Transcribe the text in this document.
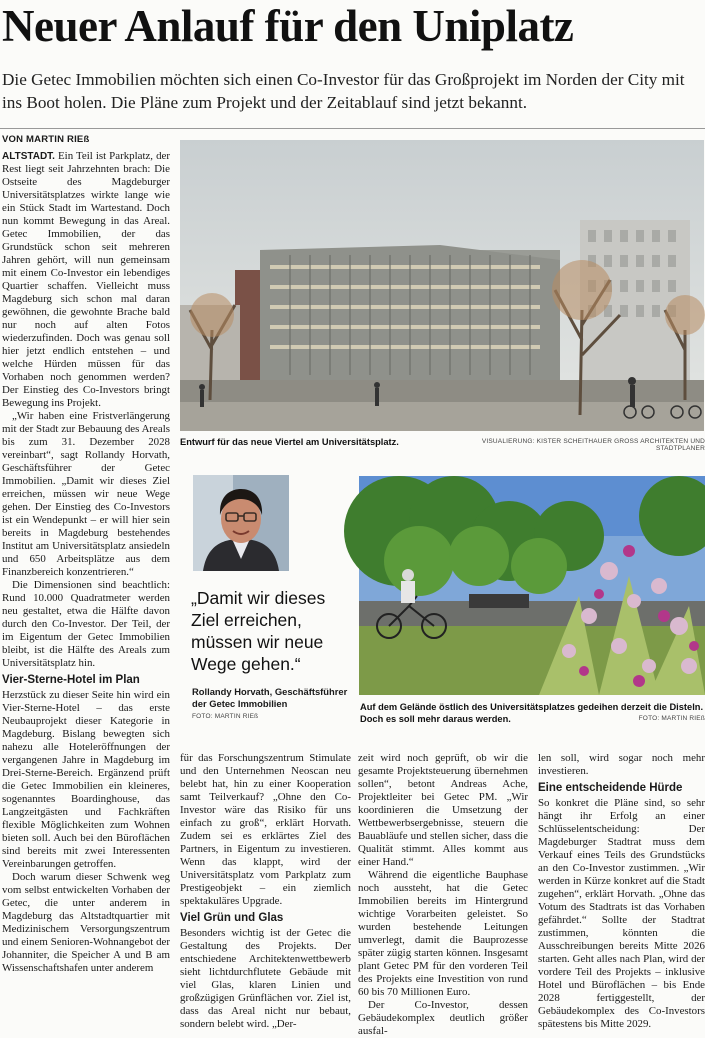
Neuer Anlauf für den Uniplatz
Die Getec Immobilien möchten sich einen Co-Investor für das Großprojekt im Norden der City mit ins Boot holen. Die Pläne zum Projekt und der Zeitablauf sind jetzt bekannt.
VON MARTIN RIEß

ALTSTADT. Ein Teil ist Parkplatz, der Rest liegt seit Jahrzehnten brach: Die Ostseite des Magdeburger Universitätsplatzes wirkte lange wie ein Stück Stadt im Wartestand. Doch nun kommt Bewegung in das Areal. Getec Immobilien, der das Grundstück schon seit mehreren Jahren gehört, will nun gemeinsam mit einem Co-Investor ein lebendiges Quartier schaffen. Vielleicht muss Magdeburg sich schon mal daran gewöhnen, die gewohnte Brache bald nur noch auf alten Fotos wiederzufinden. Doch was genau soll hier jetzt endlich entstehen – und welche Hürden müssen für das Vorhaben noch genommen werden? Der Einstieg des Co-Investors bringt Bewegung ins Projekt.

„Wir haben eine Fristverlängerung mit der Stadt zur Bebauung des Areals bis zum 31. Dezember 2028 vereinbart“, sagt Rollandy Horvath, Geschäftsführer der Getec Immobilien. „Damit wir dieses Ziel erreichen, müssen wir neue Wege gehen. Der Einstieg des Co-Investors ist ein Wendepunkt – er will hier sein bereits in Magdeburg bestehendes Institut am Universitätsplatz ansiedeln und 650 Arbeitsplätze aus dem Finanzbereich konzentrieren.“

Die Dimensionen sind beachtlich: Rund 10.000 Quadratmeter werden neu gestaltet, etwa die Hälfte davon durch den Co-Investor. Der Teil, der im Eigentum der Getec Immobilien bleibt, ist die Hälfte des Areals zum Universitätsplatz hin.

Vier-Sterne-Hotel im Plan

Herzstück zu dieser Seite hin wird ein Vier-Sterne-Hotel – das erste Neubauprojekt dieser Kategorie in Magdeburg. Bislang bewegten sich nahezu alle Hoteleröffnungen der vergangenen Jahre in Magdeburg im Drei-Sterne-Bereich. Ergänzend prüft die Getec Immobilien ein kleineres, sogenanntes Boardinghouse, das Langzeitgästen und Fachkräften flexible Möglichkeiten zum Wohnen bieten soll. Auch bei den Büroflächen sind bereits mit zwei Interessenten Vereinbarungen getroffen.

Doch warum dieser Schwenk weg vom selbst entwickelten Vorhaben der Getec, die unter anderem in Magdeburg das Altstadtquartier mit Medizinischem Versorgungszentrum und einem Senioren-Wohnangebot der Johanniter, die Speicher A und B am Wissenschaftshafen unter anderem

Entwurf für das neue Viertel am Universitätsplatz.	VISUALIERUNG: KISTER SCHEITHAUER GROSS ARCHITEKTEN UND STADTPLANER
„Damit wir dieses Ziel erreichen, müssen wir neue Wege gehen.“
Rollandy Horvath, Geschäftsführer der Getec Immobilien
FOTO: MARTIN RIEß
Auf dem Gelände östlich des Universitätsplatzes gedeihen derzeit die Disteln. Doch es soll mehr daraus werden.	FOTO: MARTIN RIEß

für das Forschungszentrum Stimulate und den Unternehmen Neoscan neu belebt hat, hin zu einer Kooperation samt Teilverkauf? „Ohne den Co-Investor wäre das Risiko für uns einfach zu groß“, erklärt Horvath. Zudem sei es erklärtes Ziel des Partners, in Eigentum zu investieren. Wenn das klappt, wird der Universitätsplatz vom Parkplatz zum Prestigeobjekt – ein ziemlich spektakuläres Upgrade.

Viel Grün und Glas

Besonders wichtig ist der Getec die Gestaltung des Projekts. Der entschiedene Architektenwettbewerb sieht lichtdurchflutete Gebäude mit viel Glas, klaren Linien und großzügigen Grünflächen vor. Ziel ist, dass das Areal nicht nur bebaut, sondern belebt wird. „Der-

zeit wird noch geprüft, ob wir die gesamte Projektsteuerung übernehmen sollen“, betont Andreas Ache, Projektleiter bei Getec PM. „Wir koordinieren die Umsetzung der Wettbewerbsergebnisse, steuern die Bauabläufe und stellen sicher, dass die Qualität stimmt. Alles kommt aus einer Hand.“

Während die eigentliche Bauphase noch aussteht, hat die Getec Immobilien bereits im Hintergrund wichtige Vorarbeiten geleistet. So wurden bestehende Leitungen umverlegt, damit die Bauprozesse später zügig starten können. Insgesamt plant Getec PM für den vorderen Teil des Projekts eine Investition von rund 60 bis 70 Millionen Euro.

Der Co-Investor, dessen Gebäudekomplex deutlich größer ausfal-

len soll, wird sogar noch mehr investieren.

Eine entscheidende Hürde

So konkret die Pläne sind, so sehr hängt ihr Erfolg an einer Schlüsselentscheidung: Der Magdeburger Stadtrat muss dem Verkauf eines Teils des Grundstücks an den Co-Investor zustimmen. „Wir werden in Kürze konkret auf die Stadt zugehen“, erklärt Horvath. „Ohne das Votum des Stadtrats ist das Vorhaben gefährdet.“ Sollte der Stadtrat zustimmen, könnten die Ausschreibungen bereits Mitte 2026 starten. Geht alles nach Plan, wird der vordere Teil des Projekts – inklusive Hotel und Büroflächen – bis Ende 2028 fertiggestellt, der Gebäudekomplex des Co-Investors spätestens bis Mitte 2029.
